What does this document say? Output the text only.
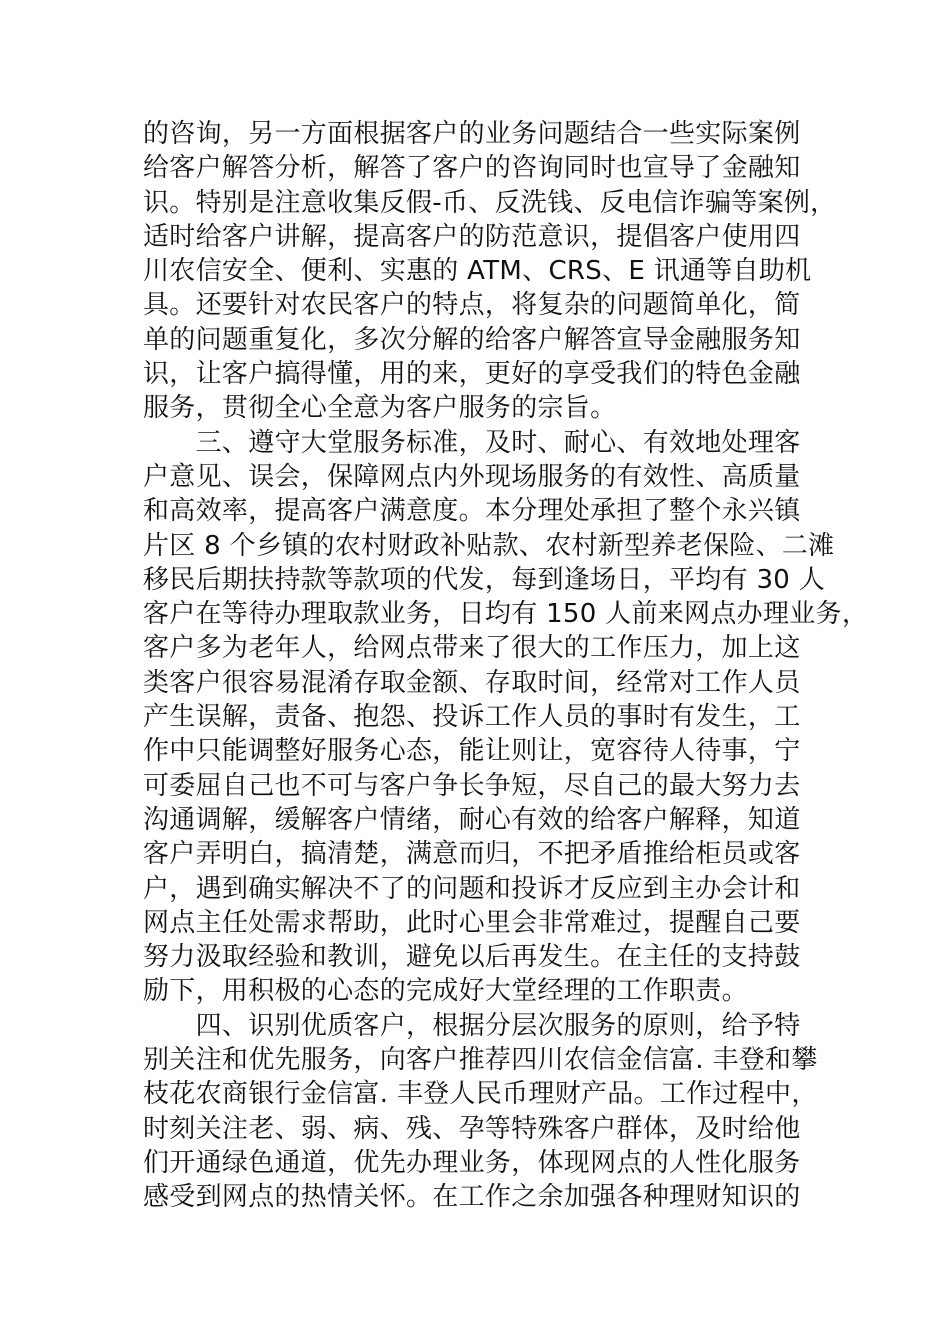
的咨询，另一方面根据客户的业务问题结合一些实际案例
给客户解答分析，解答了客户的咨询同时也宣导了金融知
识。特别是注意收集反假-币、反洗钱、反电信诈骗等案例，
适时给客户讲解，提高客户的防范意识，提倡客户使用四
川农信安全、便利、实惠的 ATM、CRS、E 讯通等自助机
具。还要针对农民客户的特点，将复杂的问题简单化，简
单的问题重复化，多次分解的给客户解答宣导金融服务知
识，让客户搞得懂，用的来，更好的享受我们的特色金融
服务，贯彻全心全意为客户服务的宗旨。
　　三、遵守大堂服务标准，及时、耐心、有效地处理客
户意见、误会，保障网点内外现场服务的有效性、高质量
和高效率，提高客户满意度。本分理处承担了整个永兴镇
片区 8 个乡镇的农村财政补贴款、农村新型养老保险、二滩
移民后期扶持款等款项的代发，每到逢场日，平均有 30 人
客户在等待办理取款业务，日均有 150 人前来网点办理业务，
客户多为老年人，给网点带来了很大的工作压力，加上这
类客户很容易混淆存取金额、存取时间，经常对工作人员
产生误解，责备、抱怨、投诉工作人员的事时有发生，工
作中只能调整好服务心态，能让则让，宽容待人待事，宁
可委屈自己也不可与客户争长争短，尽自己的最大努力去
沟通调解，缓解客户情绪，耐心有效的给客户解释，知道
客户弄明白，搞清楚，满意而归，不把矛盾推给柜员或客
户，遇到确实解决不了的问题和投诉才反应到主办会计和
网点主任处需求帮助，此时心里会非常难过，提醒自己要
努力汲取经验和教训，避免以后再发生。在主任的支持鼓
励下，用积极的心态的完成好大堂经理的工作职责。
　　四、识别优质客户，根据分层次服务的原则，给予特
别关注和优先服务，向客户推荐四川农信金信富. 丰登和攀
枝花农商银行金信富. 丰登人民币理财产品。工作过程中，
时刻关注老、弱、病、残、孕等特殊客户群体，及时给他
们开通绿色通道，优先办理业务，体现网点的人性化服务
感受到网点的热情关怀。在工作之余加强各种理财知识的
